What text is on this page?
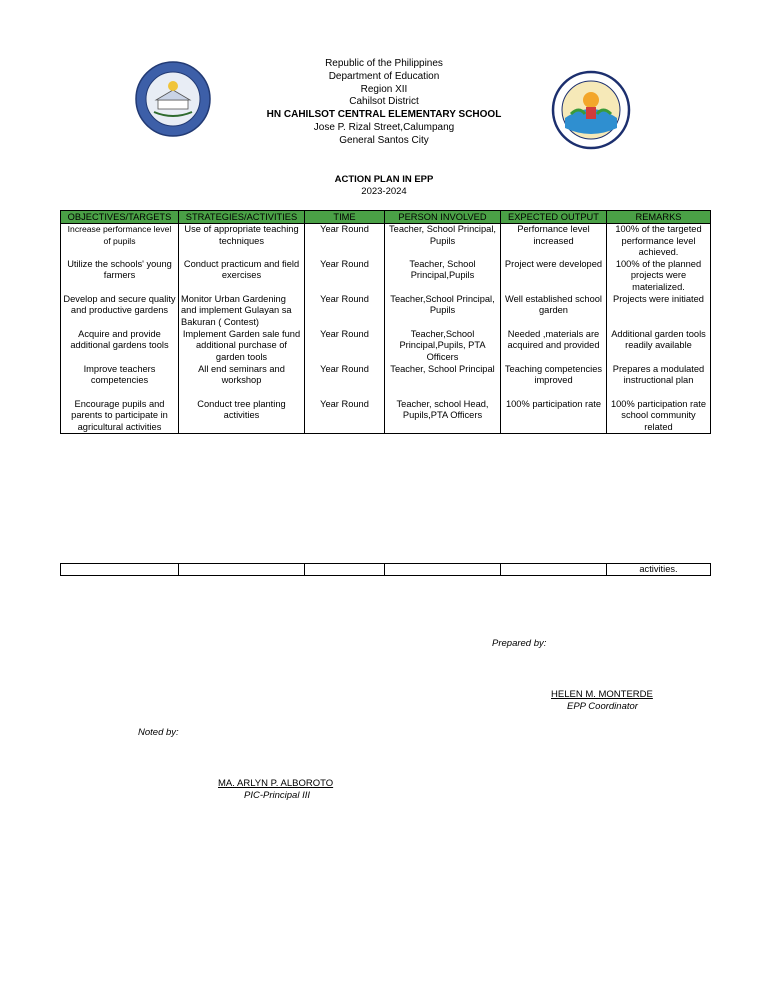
Republic of the Philippines
Department of Education
Region XII
Cahilsot District
HN CAHILSOT CENTRAL ELEMENTARY SCHOOL
Jose P. Rizal Street,Calumpang
General Santos City
ACTION PLAN IN EPP
2023-2024
OBJECTIVES/TARGETS	STRATEGIES/ACTIVITIES	TIME	PERSON INVOLVED	EXPECTED OUTPUT	REMARKS
Increase performance level of pupils	Use of appropriate teaching techniques	Year Round	Teacher, School Principal, Pupils	Perfornance level increased	100% of the targeted performance level achieved.
Utilize the schools' young farmers	Conduct practicum and field exercises	Year Round	Teacher, School Principal,Pupils	Project were developed	100% of the planned projects were materialized.
Develop and secure quality and productive gardens	Monitor Urban Gardening and implement Gulayan sa Bakuran ( Contest)	Year Round	Teacher,School Principal, Pupils	Well established school garden	Projects were initiated
Acquire and provide additional gardens tools	Implement Garden sale fund additional purchase of garden tools	Year Round	Teacher,School Principal,Pupils, PTA Officers	Needed ,materials are acquired and provided	Additional garden tools readily available
Improve teachers competencies	All end seminars and workshop	Year Round	Teacher, School Principal	Teaching competencies improved	Prepares a modulated instructional plan
Encourage pupils and parents to participate in agricultural activities	Conduct tree planting activities	Year Round	Teacher, school Head, Pupils,PTA Officers	100% participation rate	100% participation rate school community related
					activities.
Prepared by:
HELEN M. MONTERDE
EPP Coordinator
Noted by:
MA. ARLYN P. ALBOROTO
PIC-Principal III
